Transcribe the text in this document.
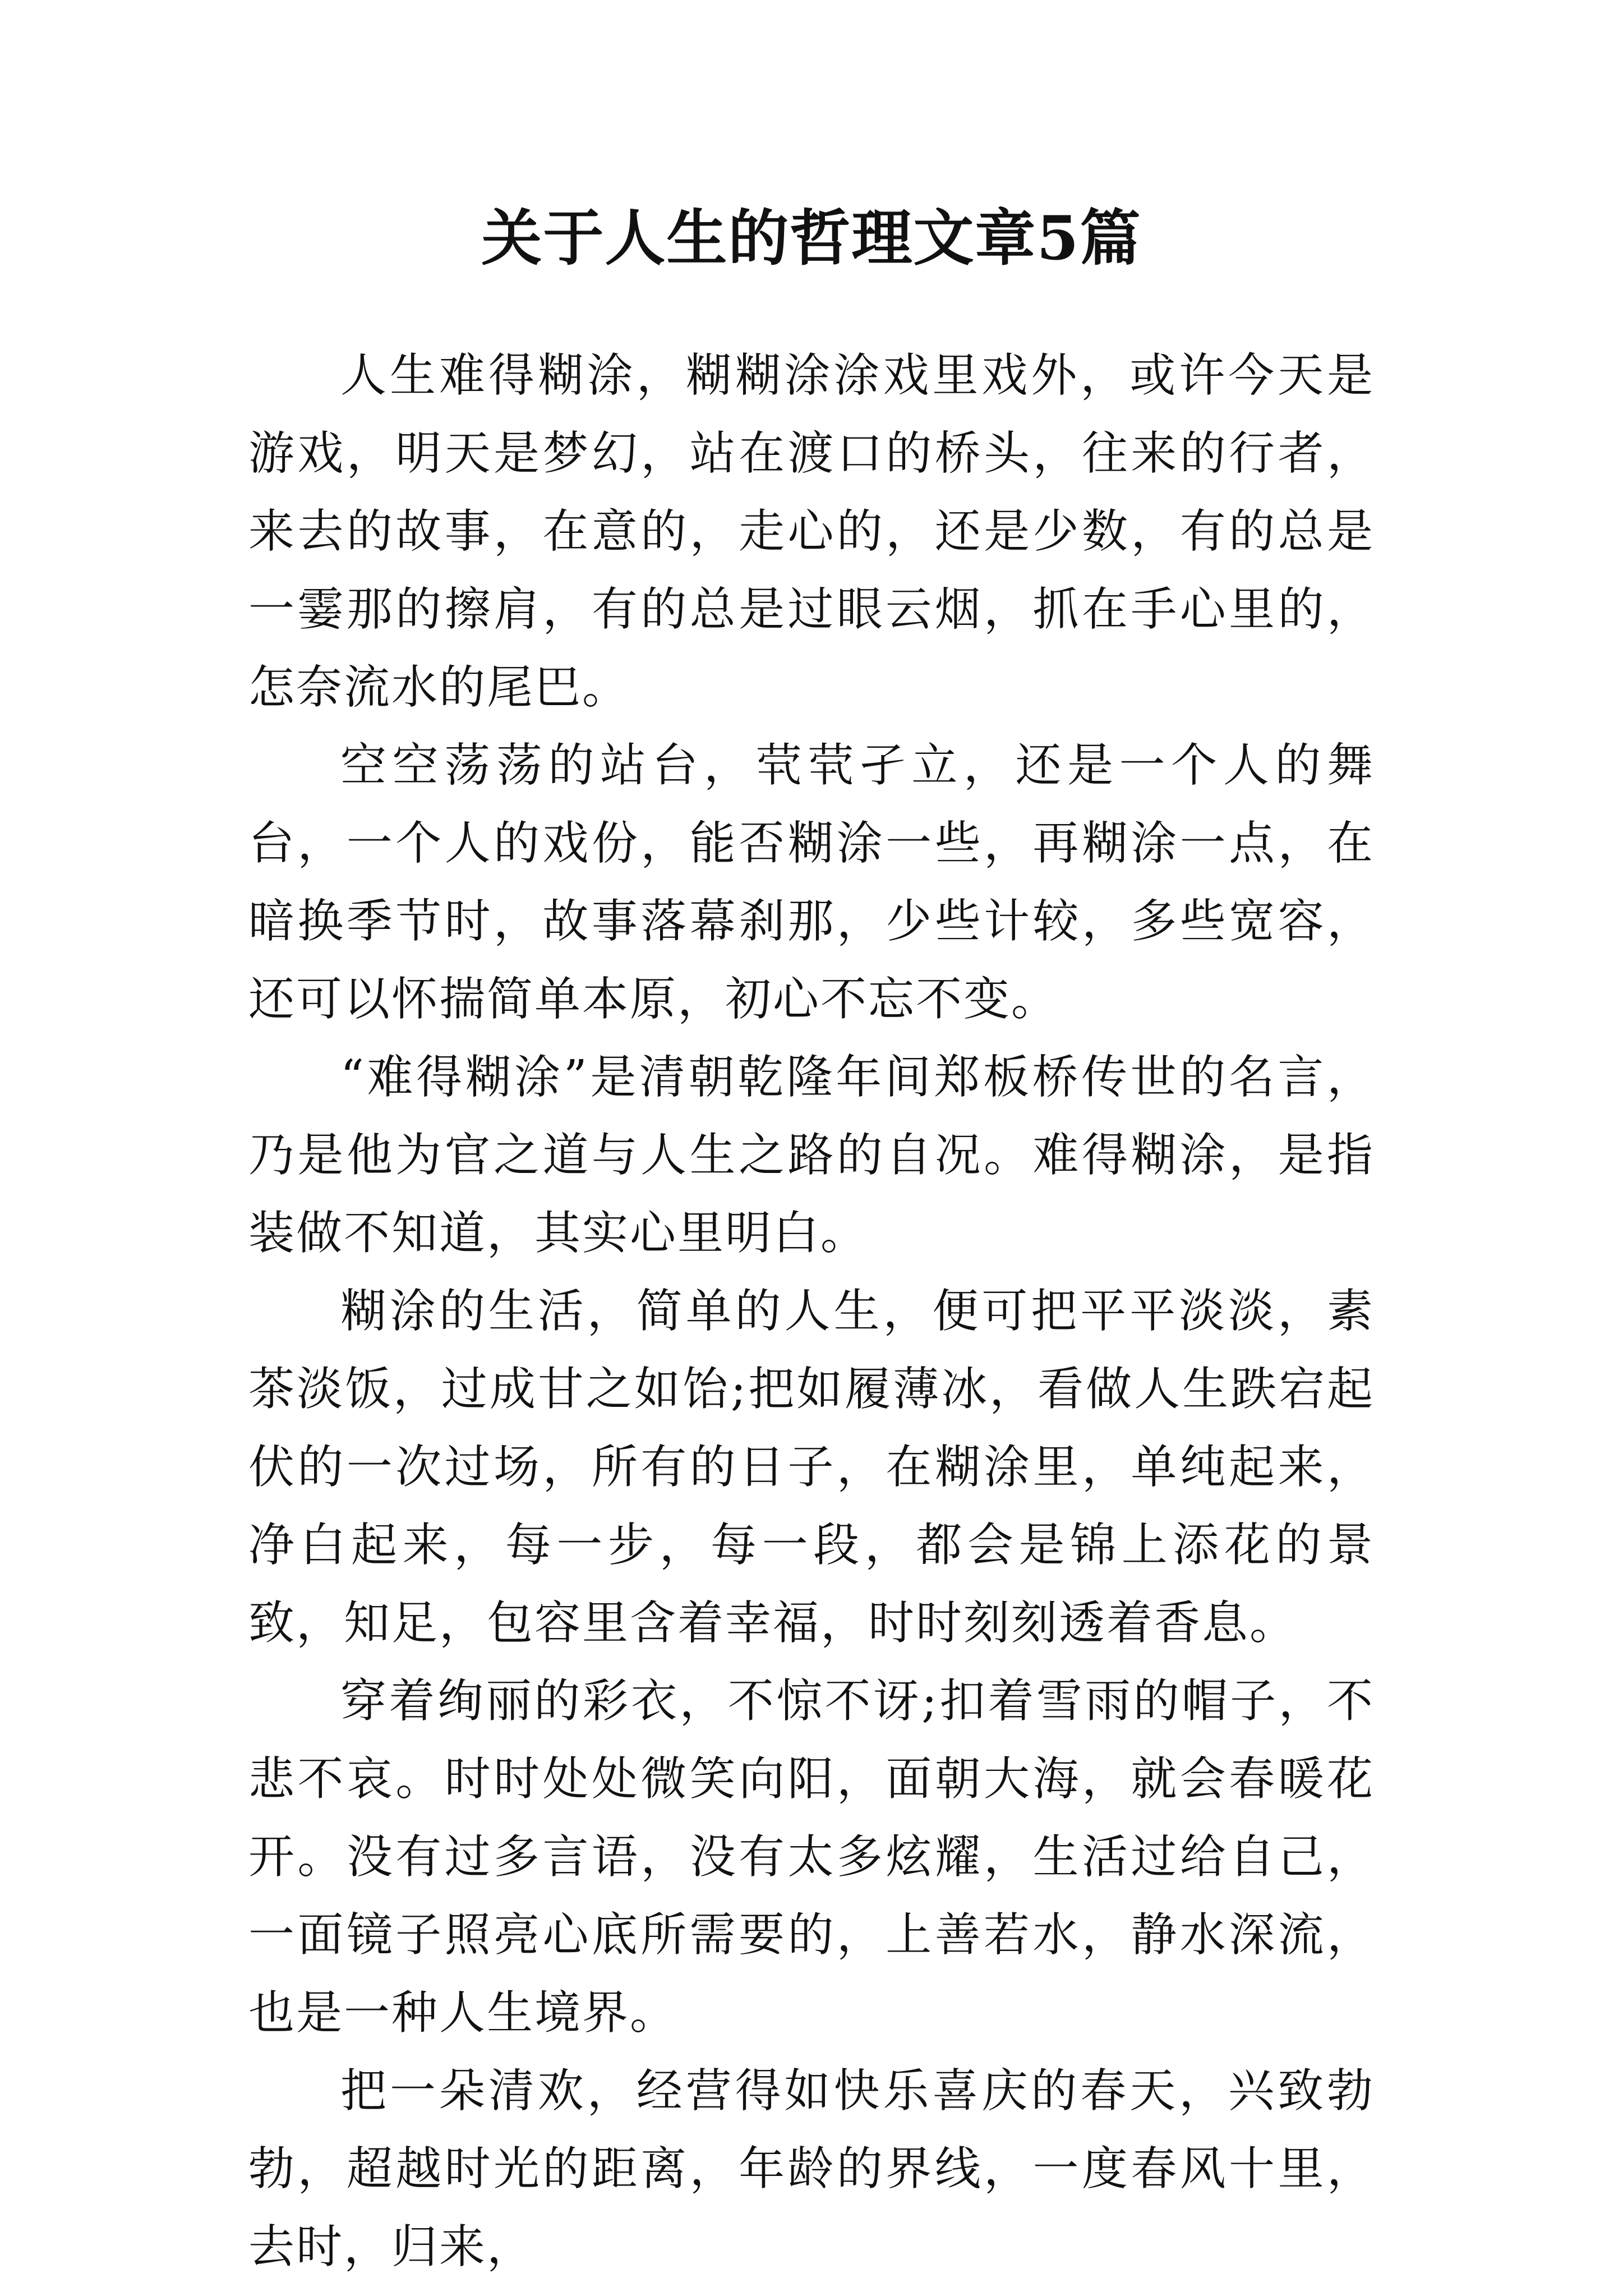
关于人生的哲理文章5篇

人生难得糊涂，糊糊涂涂戏里戏外，或许今天是游戏，明天是梦幻，站在渡口的桥头，往来的行者，来去的故事，在意的，走心的，还是少数，有的总是一霎那的擦肩，有的总是过眼云烟，抓在手心里的，怎奈流水的尾巴。

空空荡荡的站台，茕茕孑立，还是一个人的舞台，一个人的戏份，能否糊涂一些，再糊涂一点，在暗换季节时，故事落幕刹那，少些计较，多些宽容，还可以怀揣简单本原，初心不忘不变。

“难得糊涂”是清朝乾隆年间郑板桥传世的名言，乃是他为官之道与人生之路的自况。难得糊涂，是指装做不知道，其实心里明白。

糊涂的生活，简单的人生，便可把平平淡淡，素茶淡饭，过成甘之如饴;把如履薄冰，看做人生跌宕起伏的一次过场，所有的日子，在糊涂里，单纯起来，净白起来，每一步，每一段，都会是锦上添花的景致，知足，包容里含着幸福，时时刻刻透着香息。

穿着绚丽的彩衣，不惊不讶;扣着雪雨的帽子，不悲不哀。时时处处微笑向阳，面朝大海，就会春暖花开。没有过多言语，没有太多炫耀，生活过给自己，一面镜子照亮心底所需要的，上善若水，静水深流，也是一种人生境界。

把一朵清欢，经营得如快乐喜庆的春天，兴致勃勃，超越时光的距离，年龄的界线，一度春风十里，去时，归来，
